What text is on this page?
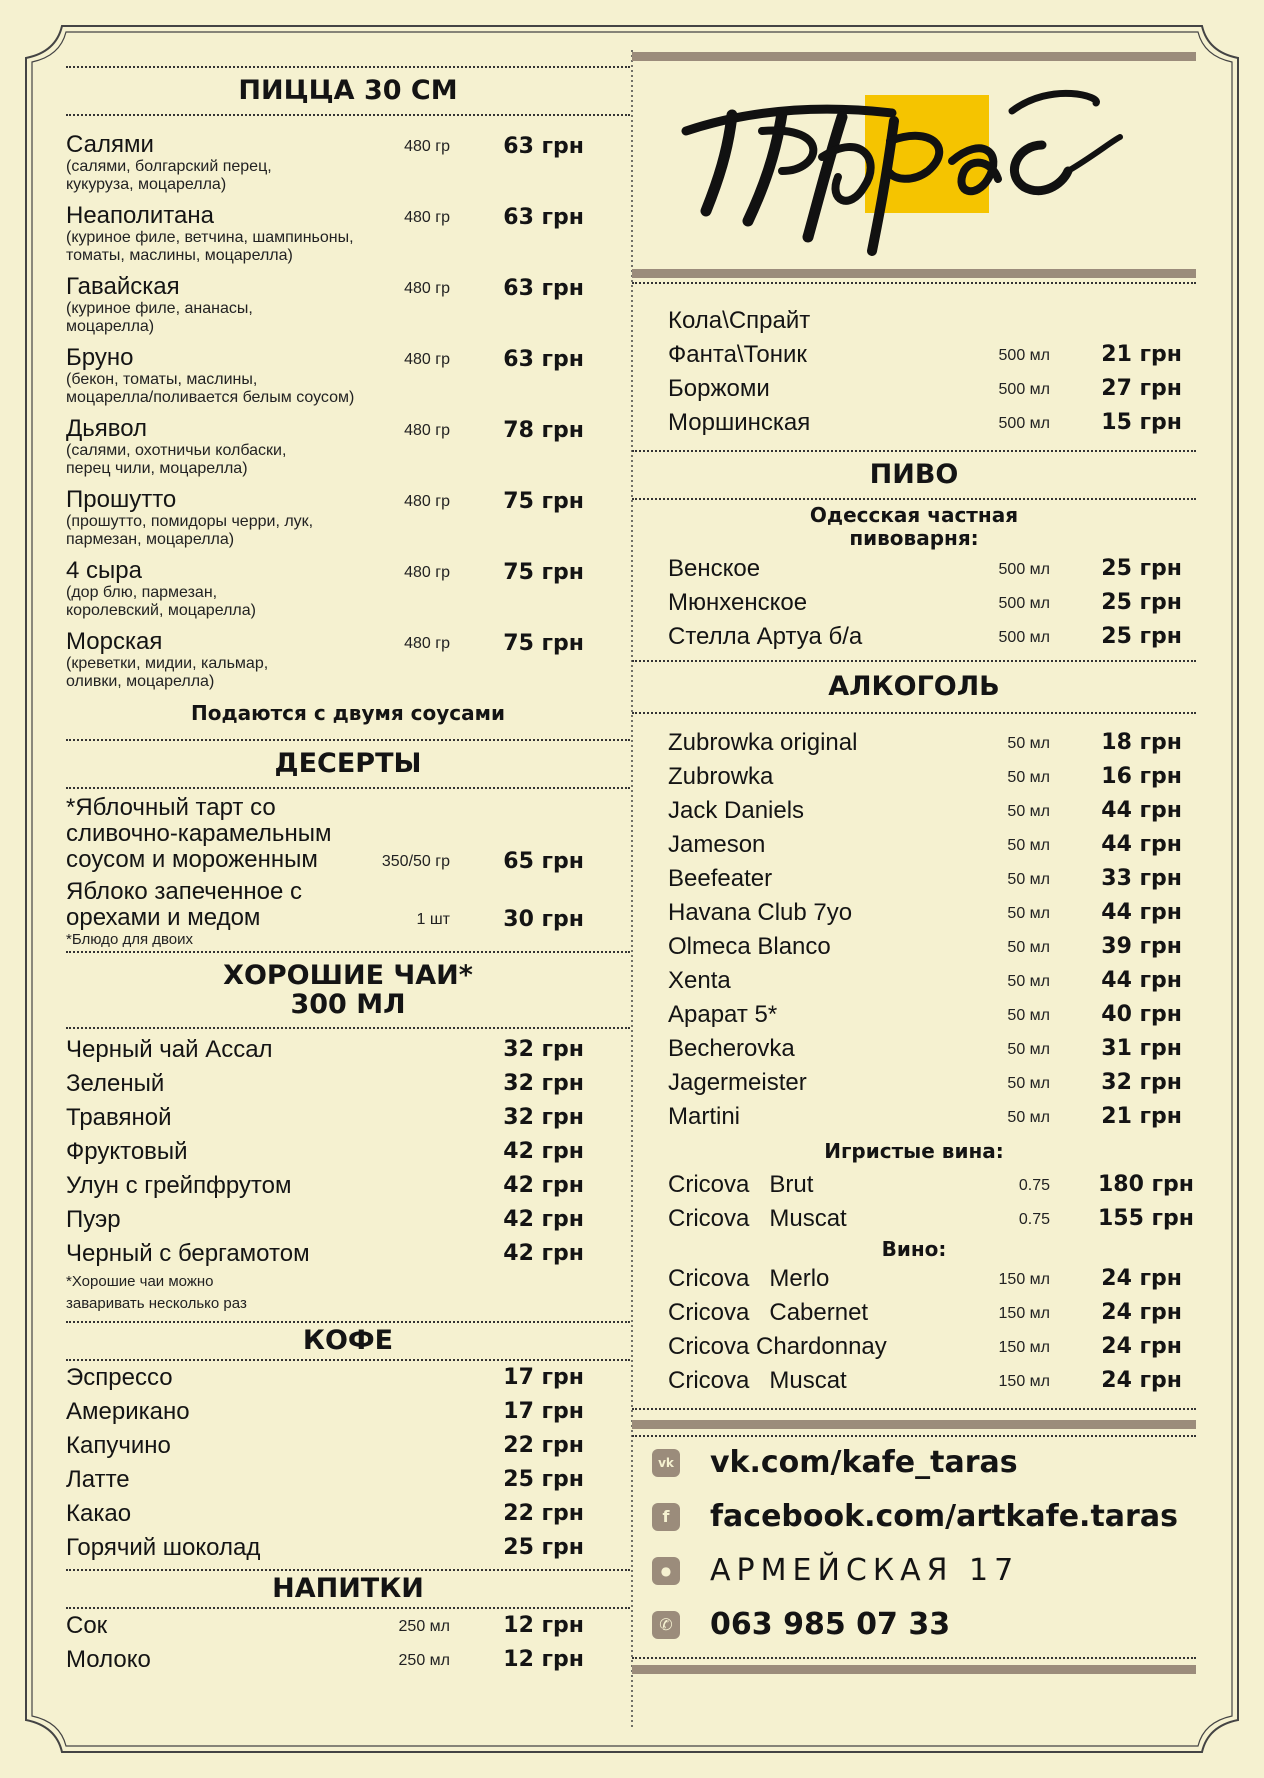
ПИЦЦА 30 СМ
Салями
(салями, болгарский перец,
кукуруза, моцарелла)
480 гр 63 грн
Неаполитана
(куриное филе, ветчина, шампиньоны,
томаты, маслины, моцарелла)
480 гр 63 грн
Гавайская
(куриное филе, ананасы,
моцарелла)
480 гр 63 грн
Бруно
(бекон, томаты, маслины,
моцарелла/поливается белым соусом)
480 гр 63 грн
Дьявол
(салями, охотничьи колбаски,
перец чили, моцарелла)
480 гр 78 грн
Прошутто
(прошутто, помидоры черри, лук,
пармезан, моцарелла)
480 гр 75 грн
4 сыра
(дор блю, пармезан,
королевский, моцарелла)
480 гр 75 грн
Морская
(креветки, мидии, кальмар,
оливки, моцарелла)
480 гр 75 грн
Подаются с двумя соусами
ДЕСЕРТЫ
*Яблочный тарт со
сливочно-карамельным
соусом и мороженным	350/50 гр 65 грн
Яблоко запеченное с
орехами и медом
*Блюдо для двоих
1 шт 30 грн
ХОРОШИЕ ЧАИ*
300 МЛ
Черный чай Ассал	32 грн
Зеленый	32 грн
Травяной	32 грн
Фруктовый	42 грн
Улун с грейпфрутом	42 грн
Пуэр	42 грн
Черный с бергамотом	42 грн
*Хорошие чаи можно
заваривать несколько раз
КОФЕ
Эспрессо	17 грн
Американо	17 грн
Капучино	22 грн
Латте	25 грн
Какао	22 грн
Горячий шоколад	25 грн
НАПИТКИ
Сок	250 мл 12 грн
Молоко	250 мл 12 грн
Кола\Спрайт
Фанта\Тоник	500 мл 21 грн
Боржоми	500 мл 27 грн
Моршинская	500 мл 15 грн
ПИВО
Одесская частная
пивоварня:
Венское	500 мл 25 грн
Мюнхенское	500 мл 25 грн
Стелла Артуа б/а	500 мл 25 грн
АЛКОГОЛЬ
Zubrowka original	50 мл 18 грн
Zubrowka	50 мл 16 грн
Jack Daniels	50 мл 44 грн
Jameson	50 мл 44 грн
Beefeater	50 мл 33 грн
Havana Club 7yo	50 мл 44 грн
Olmeca Blanco	50 мл 39 грн
Xenta	50 мл 44 грн
Арарат 5*	50 мл 40 грн
Becherovka	50 мл 31 грн
Jagermeister	50 мл 32 грн
Martini	50 мл 21 грн
Игристые вина:
Cricova   Brut	0.75 180 грн
Cricova   Muscat	0.75 155 грн
Вино:
Cricova   Merlo	150 мл 24 грн
Cricova   Cabernet	150 мл 24 грн
Cricova Chardonnay	150 мл 24 грн
Cricova   Muscat	150 мл 24 грн
vk vk.com/kafe_taras
f	facebook.com/artkafe.taras
● АРМЕЙСКАЯ 17
✆ 063 985 07 33
